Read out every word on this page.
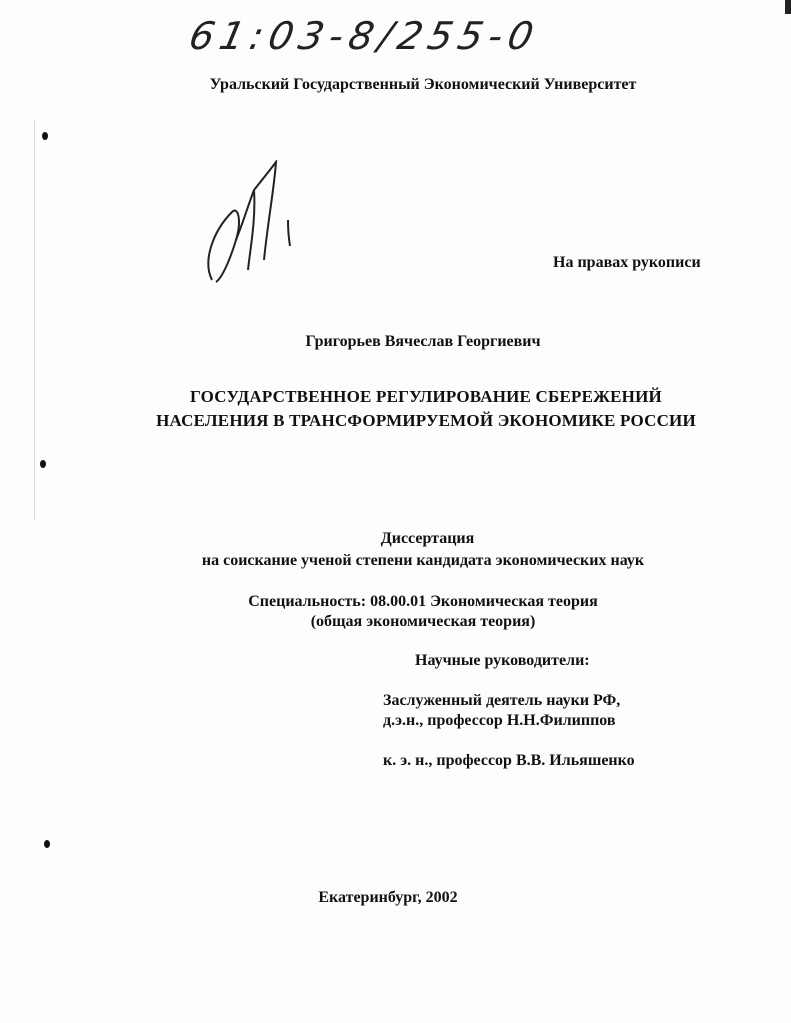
61:03-8/255-0
Уральский Государственный Экономический Университет
На правах рукописи
Григорьев Вячеслав Георгиевич
ГОСУДАРСТВЕННОЕ РЕГУЛИРОВАНИЕ СБЕРЕЖЕНИЙ
НАСЕЛЕНИЯ В ТРАНСФОРМИРУЕМОЙ ЭКОНОМИКЕ РОССИИ
Диссертация
на соискание ученой степени кандидата экономических наук
Специальность: 08.00.01 Экономическая теория
(общая экономическая теория)
Научные руководители:
Заслуженный деятель науки РФ,
д.э.н., профессор Н.Н.Филиппов
к. э. н., профессор В.В. Ильяшенко
Екатеринбург, 2002
